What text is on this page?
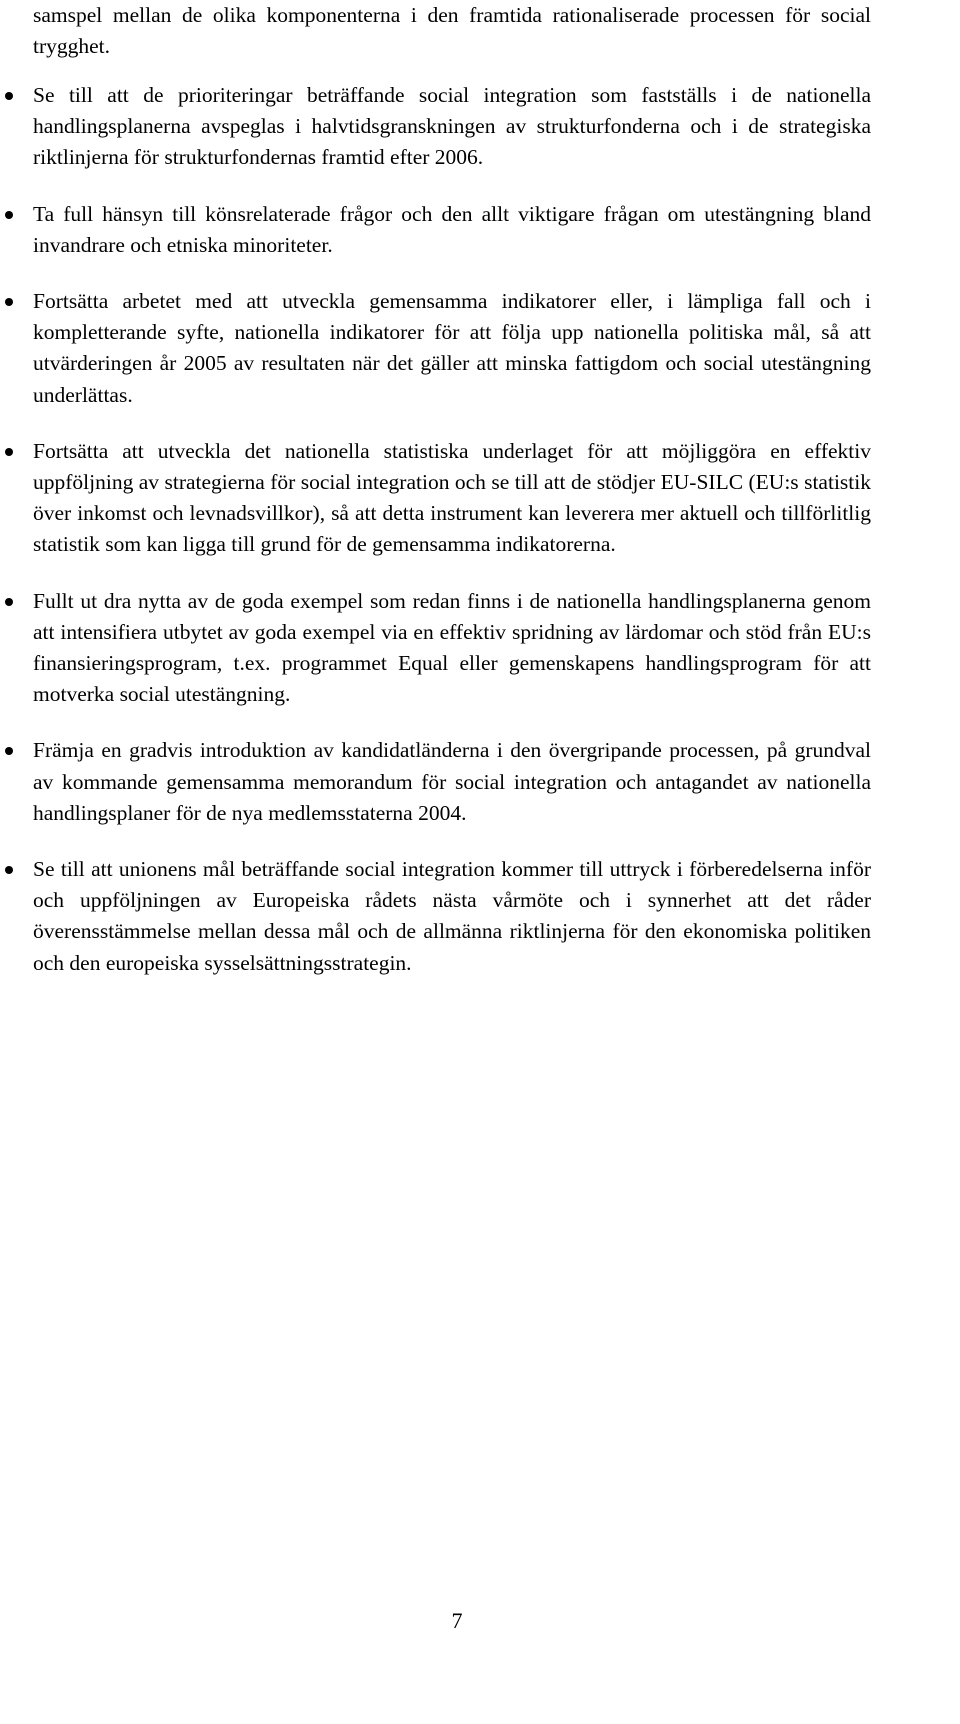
samspel mellan de olika komponenterna i den framtida rationaliserade processen för social trygghet.

Se till att de prioriteringar beträffande social integration som fastställs i de nationella handlingsplanerna avspeglas i halvtidsgranskningen av strukturfonderna och i de strategiska riktlinjerna för strukturfondernas framtid efter 2006.
Ta full hänsyn till könsrelaterade frågor och den allt viktigare frågan om utestängning bland invandrare och etniska minoriteter.
Fortsätta arbetet med att utveckla gemensamma indikatorer eller, i lämpliga fall och i kompletterande syfte, nationella indikatorer för att följa upp nationella politiska mål, så att utvärderingen år 2005 av resultaten när det gäller att minska fattigdom och social utestängning underlättas.
Fortsätta att utveckla det nationella statistiska underlaget för att möjliggöra en effektiv uppföljning av strategierna för social integration och se till att de stödjer EU-SILC (EU:s statistik över inkomst och levnadsvillkor), så att detta instrument kan leverera mer aktuell och tillförlitlig statistik som kan ligga till grund för de gemensamma indikatorerna.
Fullt ut dra nytta av de goda exempel som redan finns i de nationella handlingsplanerna genom att intensifiera utbytet av goda exempel via en effektiv spridning av lärdomar och stöd från EU:s finansieringsprogram, t.ex. programmet Equal eller gemenskapens handlingsprogram för att motverka social utestängning.
Främja en gradvis introduktion av kandidatländerna i den övergripande processen, på grundval av kommande gemensamma memorandum för social integration och antagandet av nationella handlingsplaner för de nya medlemsstaterna 2004.
Se till att unionens mål beträffande social integration kommer till uttryck i förberedelserna inför och uppföljningen av Europeiska rådets nästa vårmöte och i synnerhet att det råder överensstämmelse mellan dessa mål och de allmänna riktlinjerna för den ekonomiska politiken och den europeiska sysselsättningsstrategin.
7
